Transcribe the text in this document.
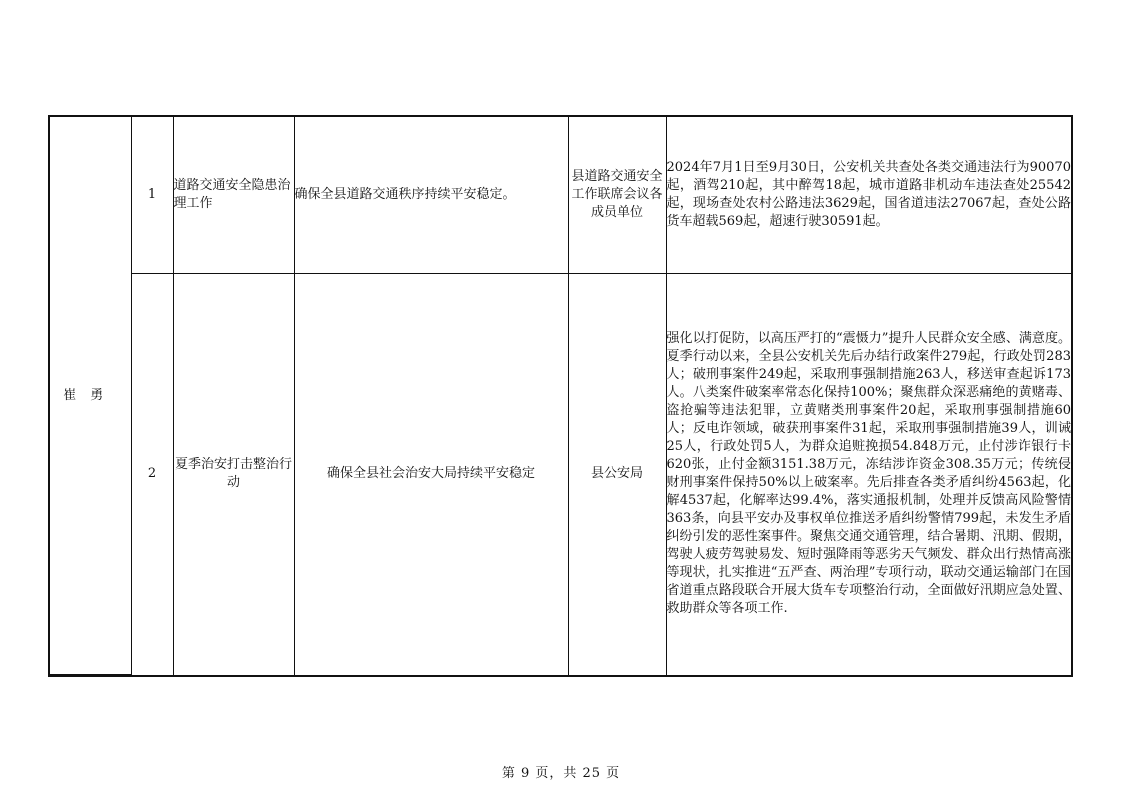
崔勇	1	道路交通安全隐患治理工作	确保全县道路交通秩序持续平安稳定。	县道路交通安全工作联席会议各成员单位	2024年7月1日至9月30日，公安机关共查处各类交通违法行为90070起，酒驾210起，其中醉驾18起，城市道路非机动车违法查处25542起，现场查处农村公路违法3629起，国省道违法27067起，查处公路货车超载569起，超速行驶30591起。
	2	夏季治安打击整治行动	确保全县社会治安大局持续平安稳定	县公安局	强化以打促防，以高压严打的“震慑力”提升人民群众安全感、满意度。夏季行动以来，全县公安机关先后办结行政案件279起，行政处罚283人；破刑事案件249起，采取刑事强制措施263人，移送审查起诉173人。八类案件破案率常态化保持100%；聚焦群众深恶痛绝的黄赌毒、盗抢骗等违法犯罪，立黄赌类刑事案件20起，采取刑事强制措施60人；反电诈领域，破获刑事案件31起，采取刑事强制措施39人，训诫25人，行政处罚5人，为群众追赃挽损54.848万元，止付涉诈银行卡620张，止付金额3151.38万元，冻结涉诈资金308.35万元；传统侵财刑事案件保持50%以上破案率。先后排查各类矛盾纠纷4563起，化解4537起，化解率达99.4%，落实通报机制，处理并反馈高风险警情363条，向县平安办及事权单位推送矛盾纠纷警情799起，未发生矛盾纠纷引发的恶性案事件。聚焦交通交通管理，结合暑期、汛期、假期，驾驶人疲劳驾驶易发、短时强降雨等恶劣天气频发、群众出行热情高涨等现状，扎实推进“五严查、两治理”专项行动，联动交通运输部门在国省道重点路段联合开展大货车专项整治行动，全面做好汛期应急处置、救助群众等各项工作.
第 9 页，共 25 页
